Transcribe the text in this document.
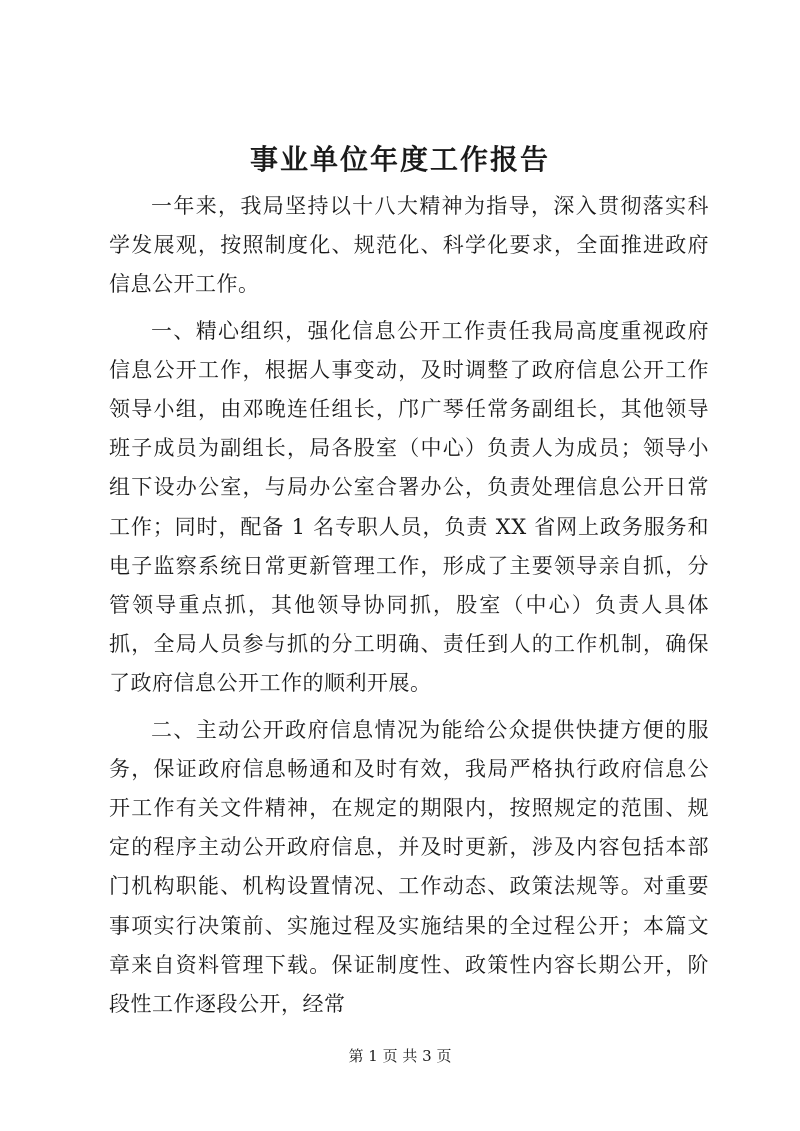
事业单位年度工作报告

一年来，我局坚持以十八大精神为指导，深入贯彻落实科学发展观，按照制度化、规范化、科学化要求，全面推进政府信息公开工作。

一、精心组织，强化信息公开工作责任我局高度重视政府信息公开工作，根据人事变动，及时调整了政府信息公开工作领导小组，由邓晚连任组长，邝广琴任常务副组长，其他领导班子成员为副组长，局各股室（中心）负责人为成员；领导小组下设办公室，与局办公室合署办公，负责处理信息公开日常工作；同时，配备 1 名专职人员，负责 XX 省网上政务服务和电子监察系统日常更新管理工作，形成了主要领导亲自抓，分管领导重点抓，其他领导协同抓，股室（中心）负责人具体抓，全局人员参与抓的分工明确、责任到人的工作机制，确保了政府信息公开工作的顺利开展。

二、主动公开政府信息情况为能给公众提供快捷方便的服务，保证政府信息畅通和及时有效，我局严格执行政府信息公开工作有关文件精神，在规定的期限内，按照规定的范围、规定的程序主动公开政府信息，并及时更新，涉及内容包括本部门机构职能、机构设置情况、工作动态、政策法规等。对重要事项实行决策前、实施过程及实施结果的全过程公开；本篇文章来自资料管理下载。保证制度性、政策性内容长期公开，阶段性工作逐段公开，经常

第 1 页 共 3 页
